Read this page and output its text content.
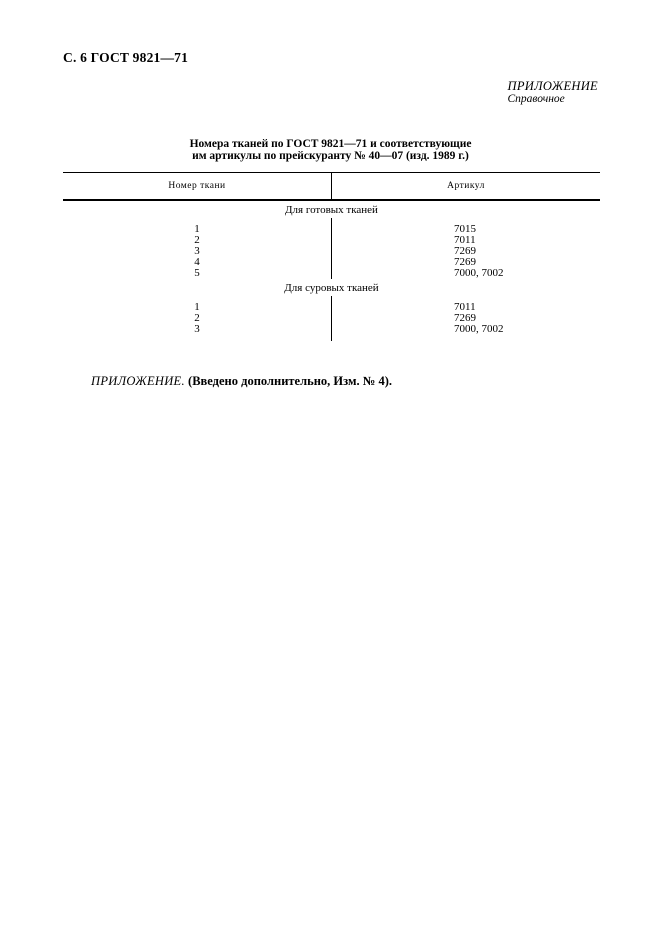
С. 6 ГОСТ 9821—71
ПРИЛОЖЕНИЕ
Справочное
Номера тканей по ГОСТ 9821—71 и соответствующие
им артикулы по прейскуранту № 40—07 (изд. 1989 г.)
Номер ткани	Артикул
Для готовых тканей
1
2
3
4
5
7015
7011
7269
7269
7000, 7002
Для суровых тканей
1
2
3
7011
7269
7000, 7002
ПРИЛОЖЕНИЕ. (Введено дополнительно, Изм. № 4).
